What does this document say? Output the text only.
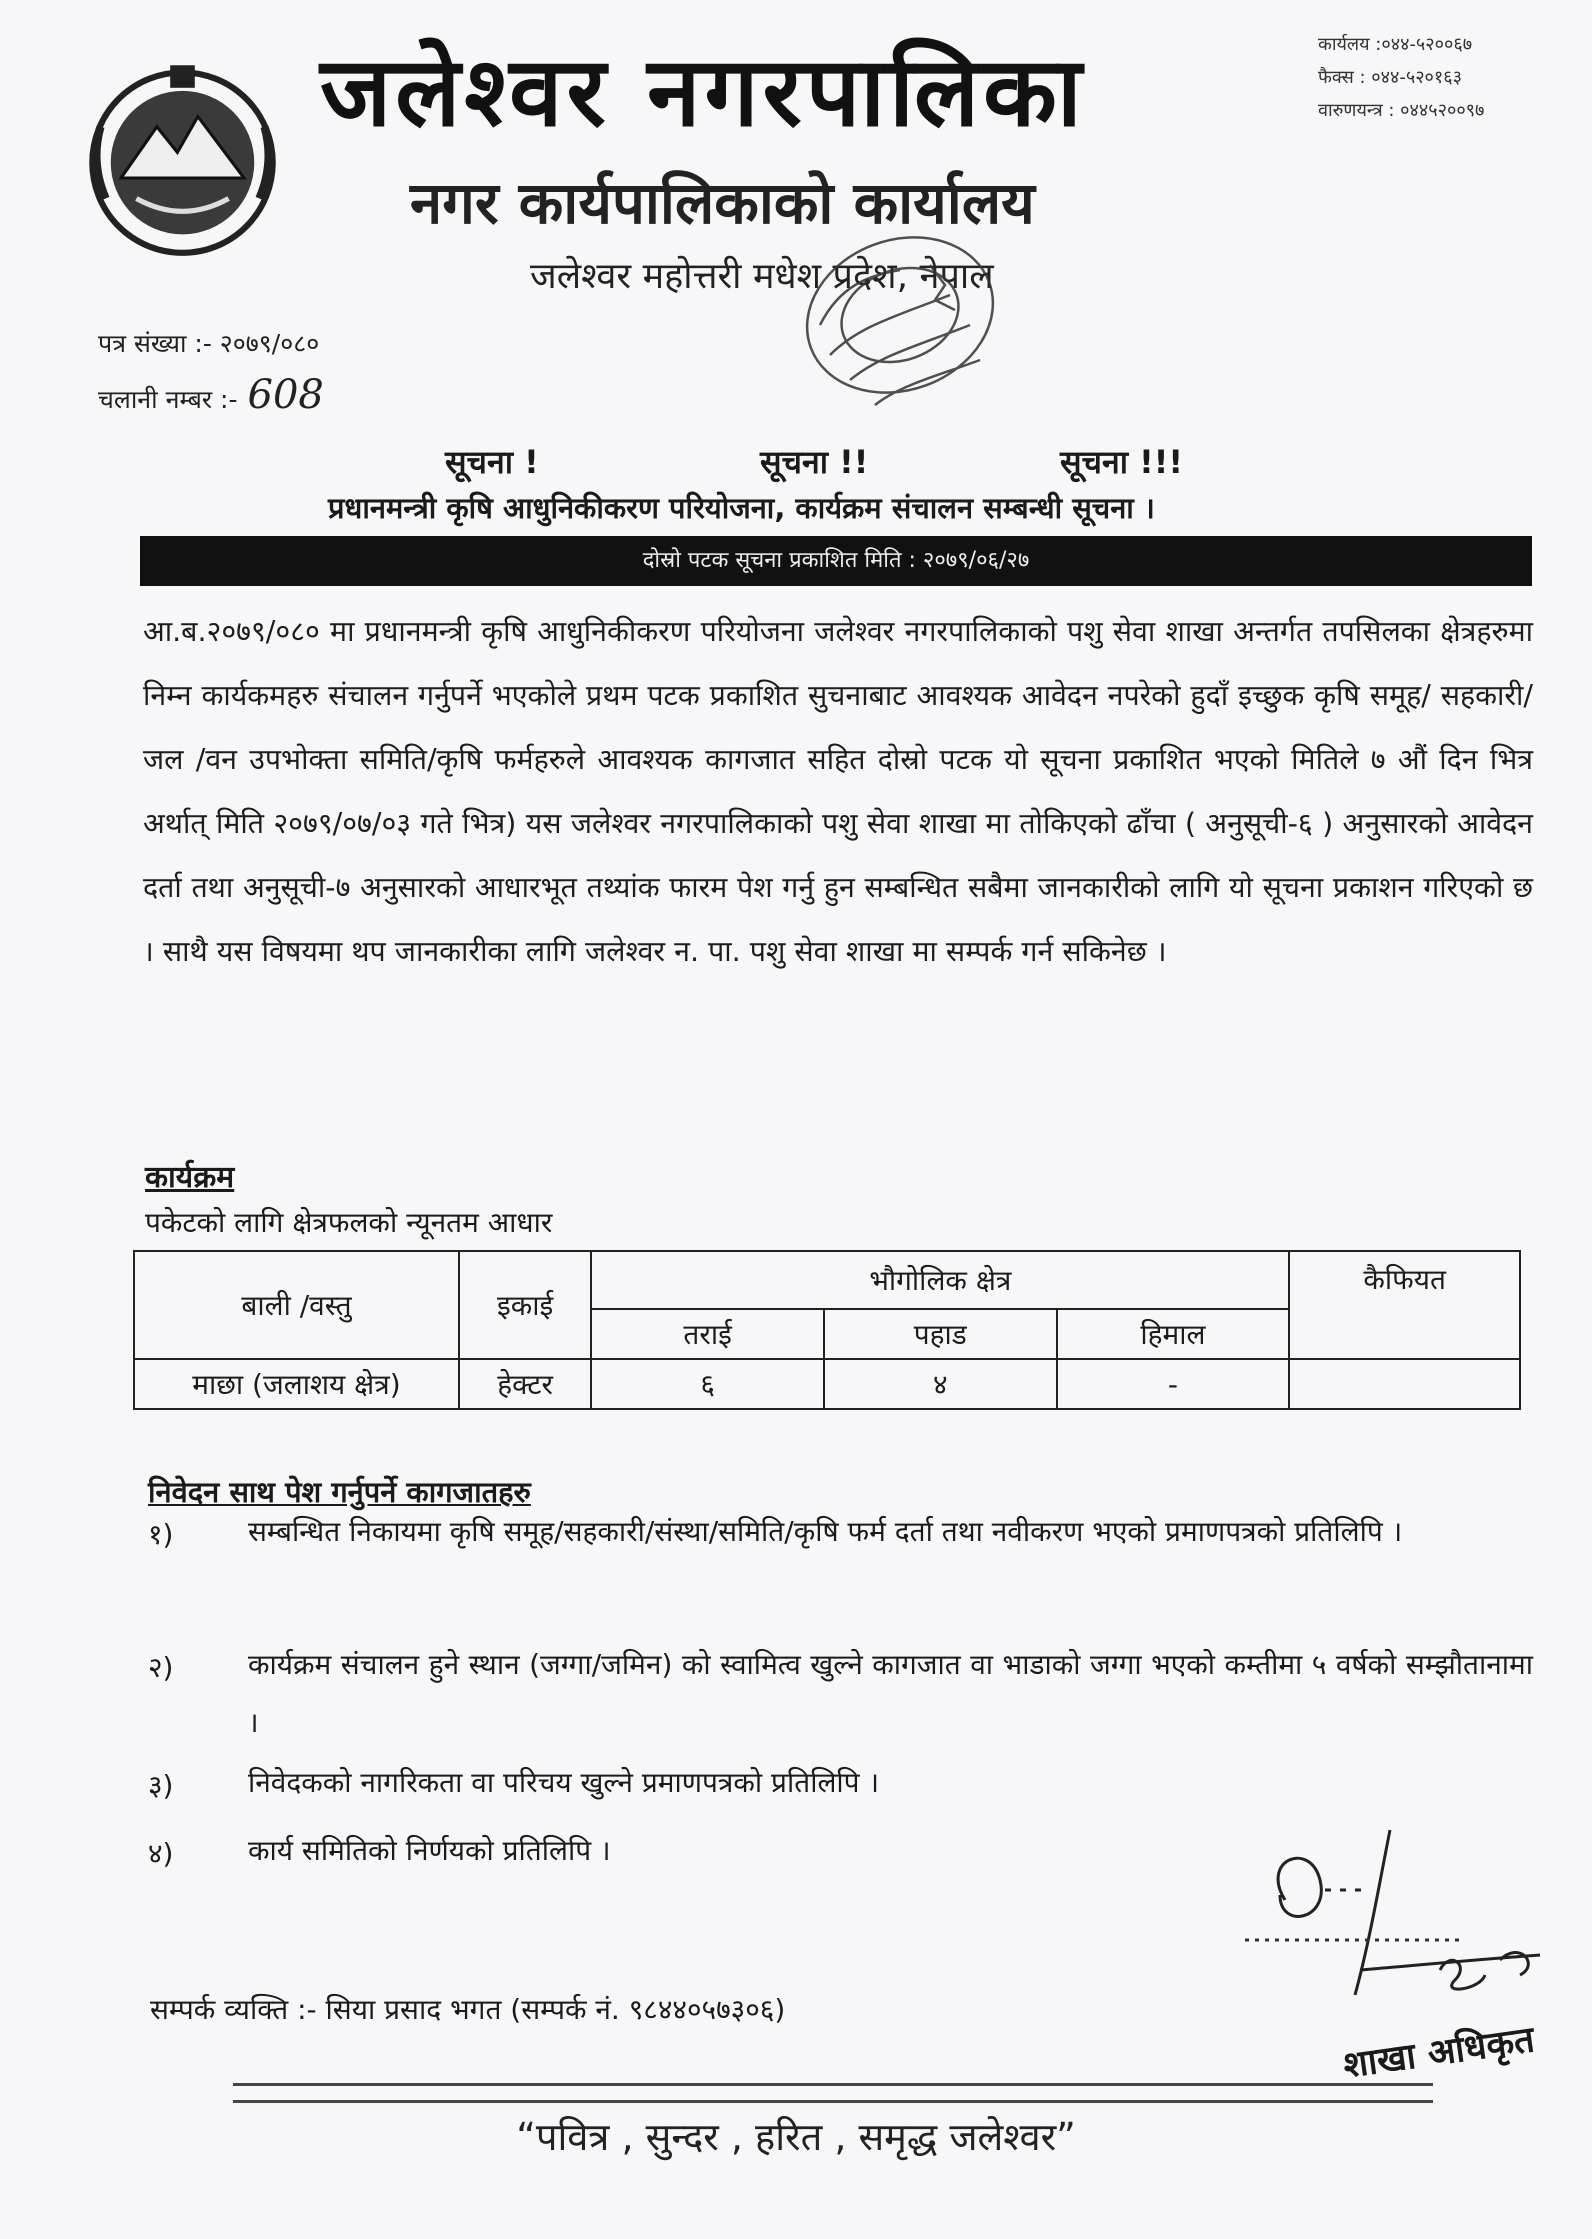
जलेश्वर नगरपालिका
नगर कार्यपालिकाको कार्यालय
जलेश्वर महोत्तरी मधेश प्रदेश, नेपाल
कार्यलय :०४४-५२००६७
फैक्स : ०४४-५२०१६३
वारुणयन्त्र : ०४४५२००९७
पत्र संख्या :- २०७९/०८०
चलानी नम्बर :- 608
सूचना !	सूचना !!	सूचना !!!
प्रधानमन्त्री कृषि आधुनिकीकरण परियोजना, कार्यक्रम संचालन सम्बन्धी सूचना ।
दोस्रो पटक सूचना प्रकाशित मिति : २०७९/०६/२७
आ.ब.२०७९/०८० मा प्रधानमन्त्री कृषि आधुनिकीकरण परियोजना जलेश्वर नगरपालिकाको पशु सेवा शाखा अन्तर्गत तपसिलका क्षेत्रहरुमा निम्न कार्यकमहरु संचालन गर्नुपर्ने भएकोले प्रथम पटक प्रकाशित सुचनाबाट आवश्यक आवेदन नपरेको हुदाँ इच्छुक कृषि समूह/ सहकारी/ जल /वन उपभोक्ता समिति/कृषि फर्महरुले आवश्यक कागजात सहित दोस्रो पटक यो सूचना प्रकाशित भएको मितिले ७ औं दिन भित्र अर्थात् मिति २०७९/०७/०३ गते भित्र) यस जलेश्वर नगरपालिकाको पशु सेवा शाखा मा तोकिएको ढाँचा ( अनुसूची-६ ) अनुसारको आवेदन दर्ता तथा अनुसूची-७ अनुसारको आधारभूत तथ्यांक फारम पेश गर्नु हुन सम्बन्धित सबैमा जानकारीको लागि यो सूचना प्रकाशन गरिएको छ । साथै यस विषयमा थप जानकारीका लागि जलेश्वर न. पा. पशु सेवा शाखा मा सम्पर्क गर्न सकिनेछ ।
कार्यक्रम
पकेटको लागि क्षेत्रफलको न्यूनतम आधार
बाली /वस्तु	इकाई	भौगोलिक क्षेत्र			कैफियत
		तराई	पहाड	हिमाल	
माछा (जलाशय क्षेत्र)	हेक्टर	६	४	-	
निवेदन साथ पेश गर्नुपर्ने कागजातहरु
१)	सम्बन्धित निकायमा कृषि समूह/सहकारी/संस्था/समिति/कृषि फर्म दर्ता तथा नवीकरण भएको प्रमाणपत्रको प्रतिलिपि ।
२)	कार्यक्रम संचालन हुने स्थान (जग्गा/जमिन) को स्वामित्व खुल्ने कागजात वा भाडाको जग्गा भएको कम्तीमा ५ वर्षको सम्झौतानामा ।
३)	निवेदकको नागरिकता वा परिचय खुल्ने प्रमाणपत्रको प्रतिलिपि ।
४)	कार्य समितिको निर्णयको प्रतिलिपि ।
सम्पर्क व्यक्ति :- सिया प्रसाद भगत (सम्पर्क नं. ९८४४०५७३०६)
शाखा अधिकृत
“पवित्र , सुन्दर , हरित , समृद्ध जलेश्वर”
